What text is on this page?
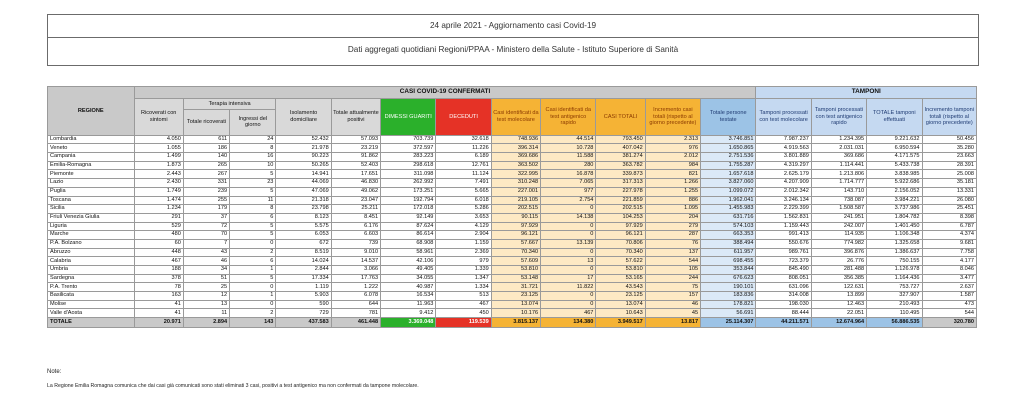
24 aprile 2021 - Aggiornamento casi Covid-19
Dati aggregati quotidiani Regioni/PPAA - Ministero della Salute - Istituto Superiore di Sanità
REGIONE	CASI COVID-19 CONFERMATI												TAMPONI			
	Ricoverati con sintomi	Terapia intensiva		Isolamento domiciliare	Totale attualmente positivi	DIMESSI GUARITI	DECEDUTI	Casi identificati da test molecolare	Casi identificati da test antigenico rapido	CASI TOTALI	Incremento casi totali (rispetto al giorno precedente)	Totale persone testate	Tamponi processati con test molecolare	Tamponi processati con test antigenico rapido	TOTALE tamponi effettuati	Incremento tamponi totali (rispetto al giorno precedente)
		Totale ricoverati	Ingressi del giorno													
Lombardia	4.050	611	24	52.432	57.093	703.739	32.618	748.936	44.514	793.450	2.313	3.746.851	7.987.237	1.234.395	9.221.632	50.456
Veneto	1.055	186	8	21.978	23.219	372.597	11.226	396.314	10.728	407.042	976	1.650.865	4.919.563	2.031.031	6.950.594	35.280
Campania	1.499	140	16	90.223	91.862	283.223	6.189	369.686	11.588	381.274	2.012	2.751.536	3.801.889	369.686	4.171.575	23.663
Emilia-Romagna	1.873	265	10	50.265	52.403	298.618	12.761	363.502	280	363.782	984	1.755.287	4.319.297	1.114.441	5.433.738	28.391
Piemonte	2.443	267	5	14.941	17.651	311.098	11.124	322.995	16.878	339.873	821	1.657.618	2.625.179	1.213.806	3.838.985	25.008
Lazio	2.430	331	23	44.069	46.830	262.992	7.491	310.248	7.065	317.313	1.266	3.827.060	4.207.909	1.714.777	5.922.686	35.181
Puglia	1.749	239	5	47.069	49.062	173.251	5.665	227.001	977	227.978	1.255	1.099.072	2.012.342	143.710	2.156.052	13.331
Toscana	1.474	255	11	21.318	23.047	192.794	6.018	219.105	2.754	221.859	886	1.962.041	3.246.134	738.087	3.984.221	26.080
Sicilia	1.234	179	8	23.798	25.211	172.018	5.286	202.515	0	202.515	1.095	1.455.983	2.229.399	1.508.587	3.737.986	25.451
Friuli Venezia Giulia	291	37	6	8.123	8.451	92.149	3.653	90.115	14.138	104.253	204	631.716	1.562.831	241.951	1.804.782	8.398
Liguria	529	72	5	5.575	6.176	87.624	4.129	97.929	0	97.929	279	574.103	1.159.443	242.007	1.401.450	6.787
Marche	480	70	5	6.053	6.603	86.614	2.904	96.121	0	96.121	287	663.353	991.413	114.935	1.106.348	4.374
P.A. Bolzano	60	7	0	672	739	68.908	1.159	57.667	13.139	70.806	76	388.494	550.676	774.982	1.325.658	9.681
Abruzzo	448	43	2	8.519	9.010	58.961	2.369	70.340	0	70.340	137	611.957	989.761	396.876	1.386.637	7.758
Calabria	467	46	6	14.024	14.537	42.106	979	57.609	13	57.622	544	698.455	723.379	26.776	750.155	4.177
Umbria	188	34	1	2.844	3.066	49.405	1.339	53.810	0	53.810	105	353.844	845.490	281.488	1.126.978	8.046
Sardegna	378	51	5	17.334	17.763	34.055	1.347	53.148	17	53.165	244	676.623	808.051	356.385	1.164.436	3.477
P.A. Trento	78	25	0	1.119	1.222	40.987	1.334	31.721	11.822	43.543	75	190.101	631.096	122.631	753.727	2.637
Basilicata	163	12	1	5.903	6.078	16.534	513	23.125	0	23.125	157	183.836	314.008	13.899	327.907	1.587
Molise	41	13	0	590	644	11.963	467	13.074	0	13.074	46	178.821	198.030	12.463	210.493	473
Valle d'Aosta	41	11	2	729	781	9.412	450	10.176	467	10.643	45	56.691	88.444	22.051	110.495	544
TOTALE	20.971	2.894	143	437.583	461.448	3.369.048	119.539	3.815.137	134.380	3.949.517	13.817	25.114.307	44.211.571	12.674.964	56.886.535	320.780
Note:
La Regione Emilia Romagna comunica che dai casi già comunicati sono stati eliminati 3 casi, positivi a test antigenico ma non confermati da tampone molecolare.
